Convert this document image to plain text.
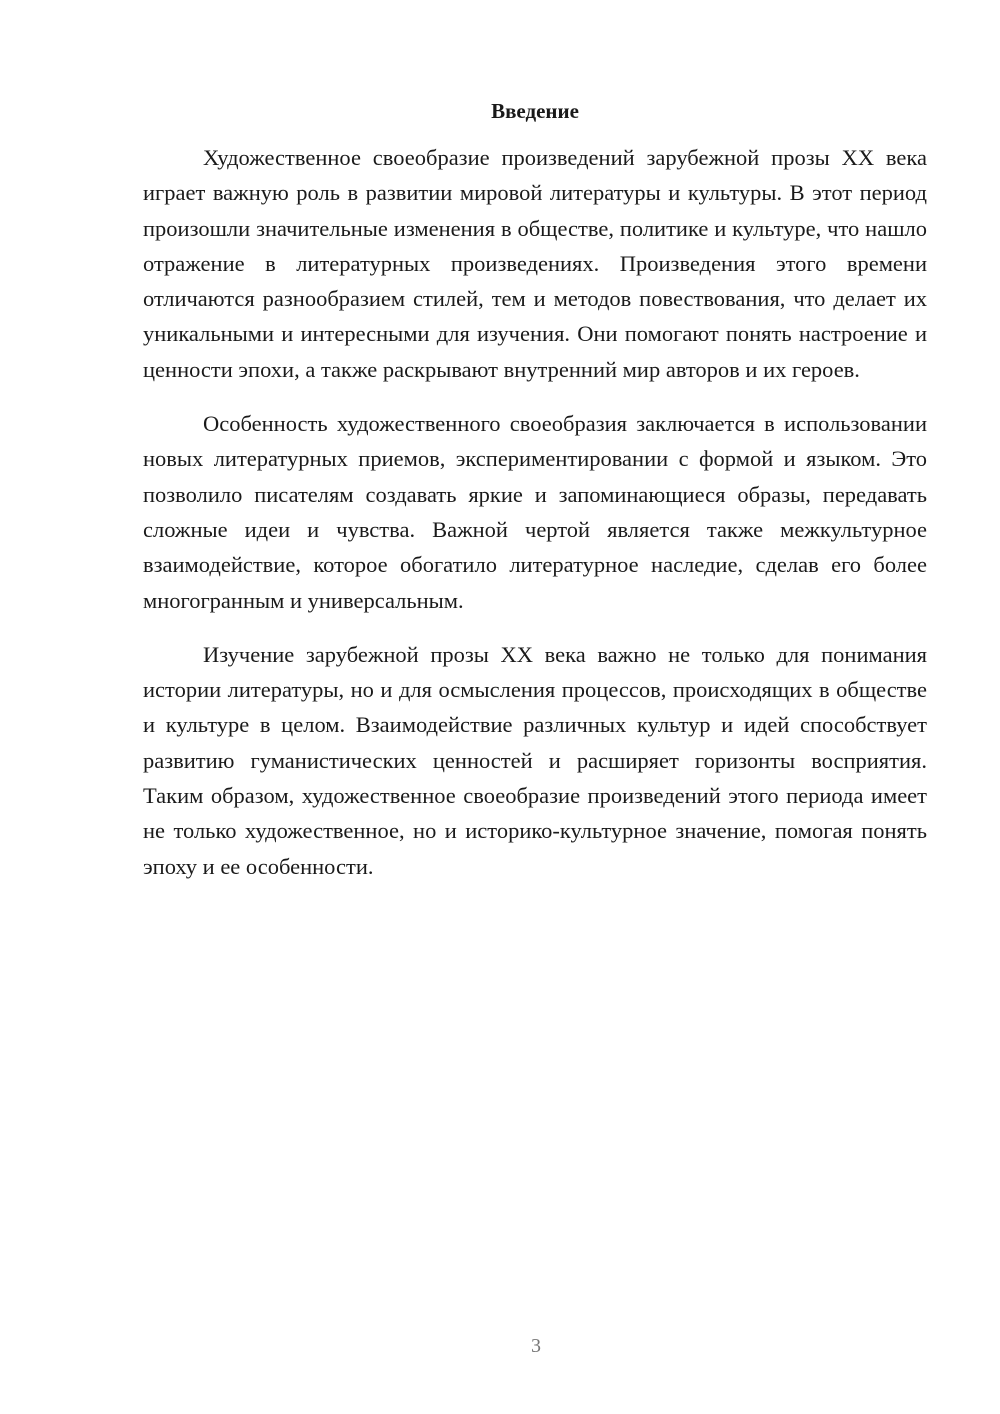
Введение

Художественное своеобразие произведений зарубежной прозы XX века играет важную роль в развитии мировой литературы и культуры. В этот период произошли значительные изменения в обществе, политике и культуре, что нашло отражение в литературных произведениях. Произведения этого времени отличаются разнообразием стилей, тем и методов повествования, что делает их уникальными и интересными для изучения. Они помогают понять настроение и ценности эпохи, а также раскрывают внутренний мир авторов и их героев.

Особенность художественного своеобразия заключается в использовании новых литературных приемов, экспериментировании с формой и языком. Это позволило писателям создавать яркие и запоминающиеся образы, передавать сложные идеи и чувства. Важной чертой является также межкультурное взаимодействие, которое обогатило литературное наследие, сделав его более многогранным и универсальным.

Изучение зарубежной прозы XX века важно не только для понимания истории литературы, но и для осмысления процессов, происходящих в обществе и культуре в целом. Взаимодействие различных культур и идей способствует развитию гуманистических ценностей и расширяет горизонты восприятия. Таким образом, художественное своеобразие произведений этого периода имеет не только художественное, но и историко-культурное значение, помогая понять эпоху и ее особенности.

3
